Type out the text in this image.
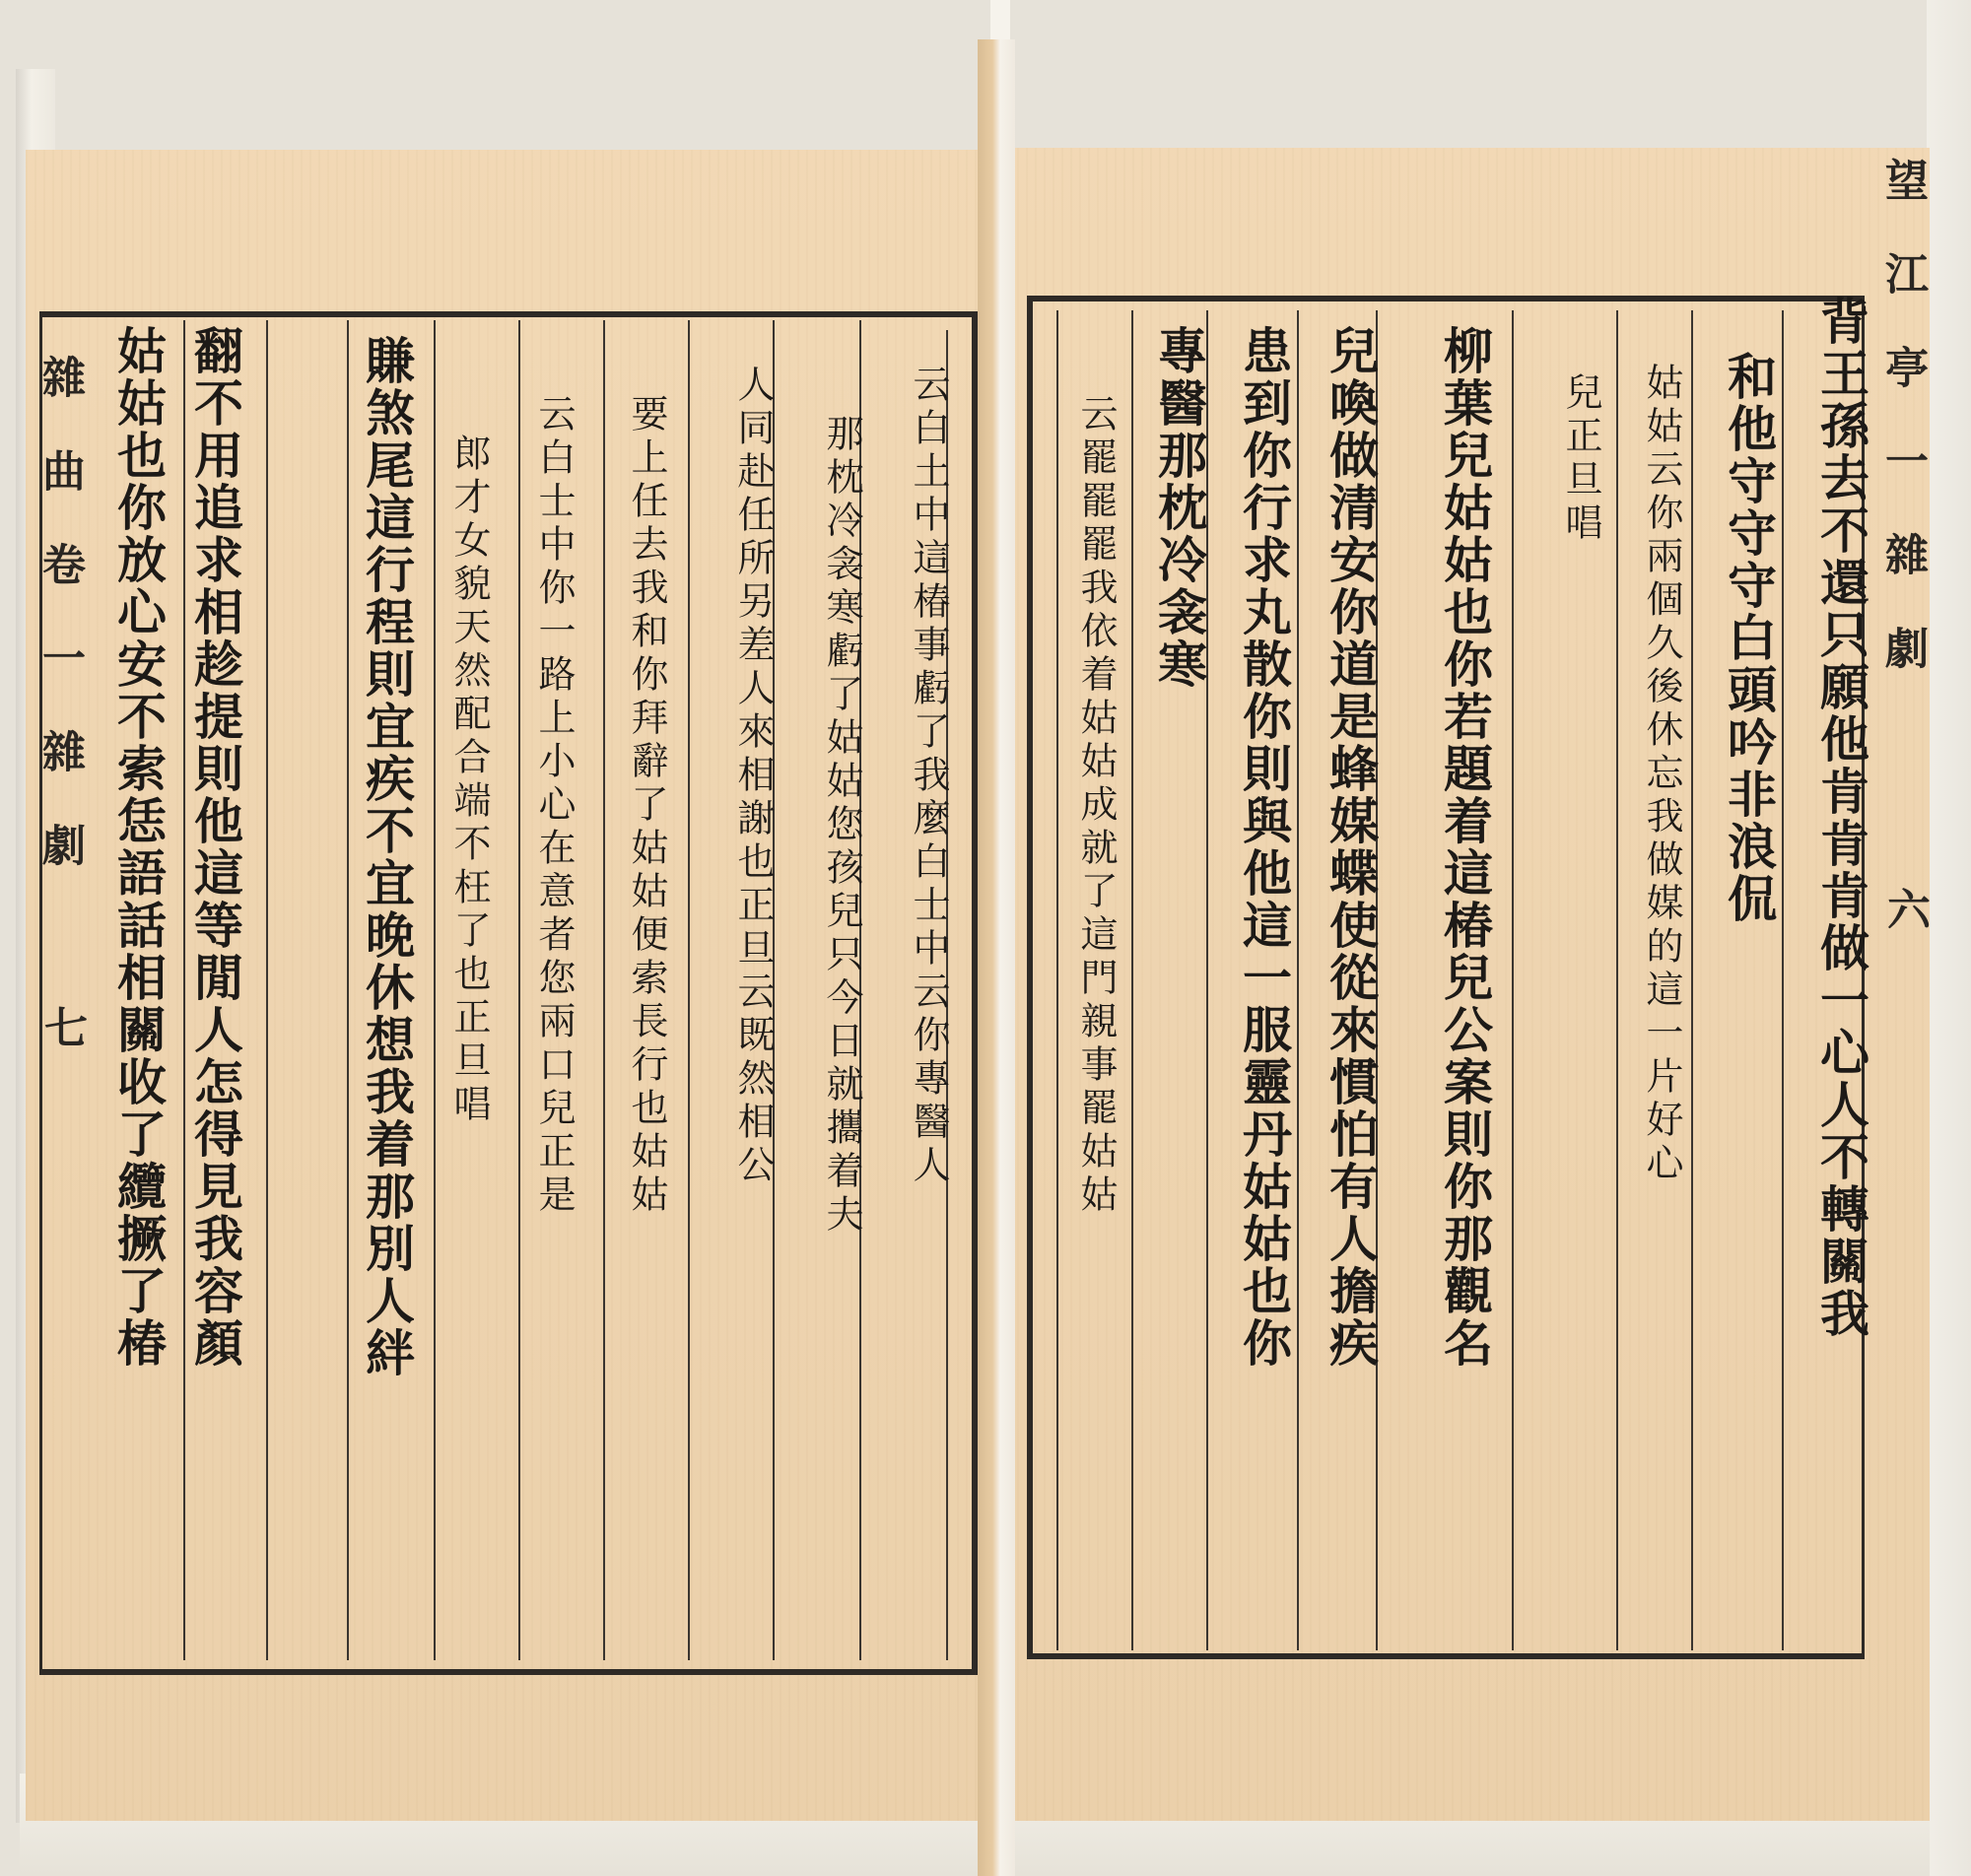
雜 曲 卷 一 雜 劇
七	云白土中這椿事虧了我麼白士中云你專醫人
那枕冷衾寒虧了姑姑您孩兒只今日就攜着夫
人同赴任所另差人來相謝也正旦云既然相公
要上任去我和你拜辭了姑姑便索長行也姑姑
云白士中你一路上小心在意者您兩口兒正是
郎才女貌天然配合端不枉了也正旦唱
賺煞尾這行程則宜疾不宜晚休想我着那別人絆
翻不用追求相趁提則他這等閒人怎得見我容顏
姑姑也你放心安不索恁語話相關收了纜撅了椿	望 江 亭 一 雜 劇
六
背王孫去不還只願他肯肯肯做一心人不轉關我
和他守守守白頭吟非浪侃
姑姑云你兩個久後休忘我做媒的這一片好心
兒正旦唱
柳葉兒姑姑也你若題着這椿兒公案則你那觀名
兒喚做清安你道是蜂媒蝶使從來慣怕有人擔疾
患到你行求丸散你則與他這一服靈丹姑姑也你
專醫那枕冷衾寒
云罷罷罷我依着姑姑成就了這門親事罷姑姑
